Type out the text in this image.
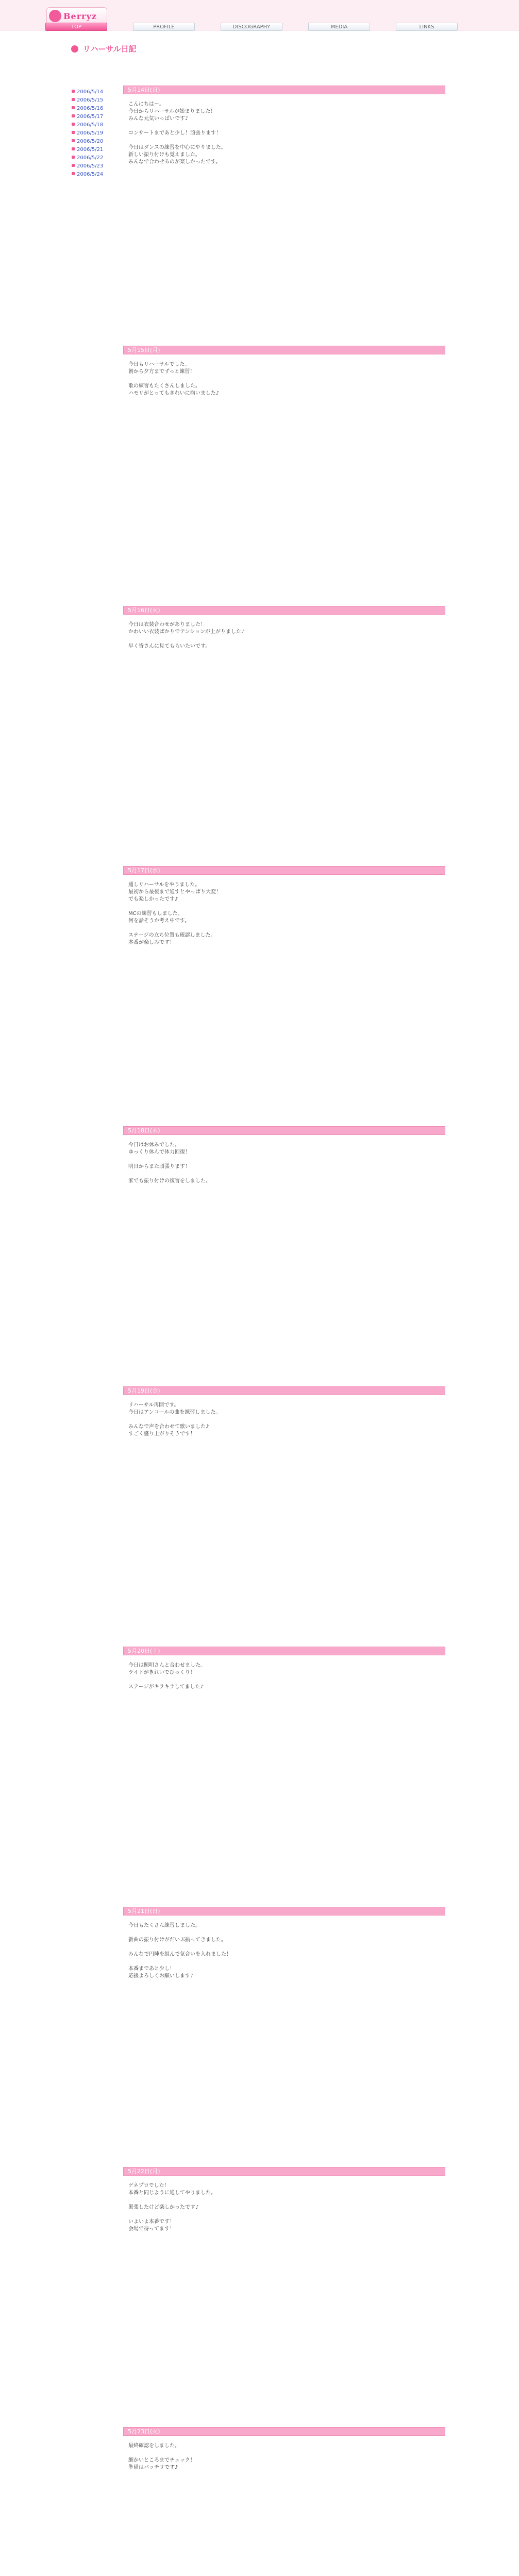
Berryz
TOP	PROFILE	DISCOGRAPHY	MEDIA	LINKS
リハーサル日記
2006/5/14
2006/5/15
2006/5/16
2006/5/17
2006/5/18
2006/5/19
2006/5/20
2006/5/21
2006/5/22
2006/5/23
2006/5/24
5月14日(日)

こんにちは～。

今日からリハーサルが始まりました！

みんな元気いっぱいです♪

コンサートまであと少し！頑張ります！

今日はダンスの練習を中心にやりました。

新しい振り付けも覚えました。

みんなで合わせるのが楽しかったです。

5月15日(月)

今日もリハーサルでした。

朝から夕方までずっと練習！

歌の練習もたくさんしました。

ハモリがとってもきれいに揃いました♪

5月16日(火)

今日は衣装合わせがありました！

かわいい衣装ばかりでテンションが上がりました♪

早く皆さんに見てもらいたいです。

5月17日(水)

通しリハーサルをやりました。

最初から最後まで通すとやっぱり大変！

でも楽しかったです♪

MCの練習もしました。

何を話そうか考え中です。

ステージの立ち位置も確認しました。

本番が楽しみです！

5月18日(木)

今日はお休みでした。

ゆっくり休んで体力回復！

明日からまた頑張ります！

家でも振り付けの復習をしました。

5月19日(金)

リハーサル再開です。

今日はアンコールの曲を練習しました。

みんなで声を合わせて歌いました♪

すごく盛り上がりそうです！

5月20日(土)

今日は照明さんと合わせました。

ライトがきれいでびっくり！

ステージがキラキラしてました♪

5月21日(日)

今日もたくさん練習しました。

新曲の振り付けがだいぶ揃ってきました。

みんなで円陣を組んで気合いを入れました！

本番まであと少し！

応援よろしくお願いします♪

5月22日(月)

ゲネプロでした！

本番と同じように通してやりました。

緊張したけど楽しかったです♪

いよいよ本番です！

会場で待ってます！

5月23日(火)

最終確認をしました。

細かいところまでチェック！

準備はバッチリです♪
